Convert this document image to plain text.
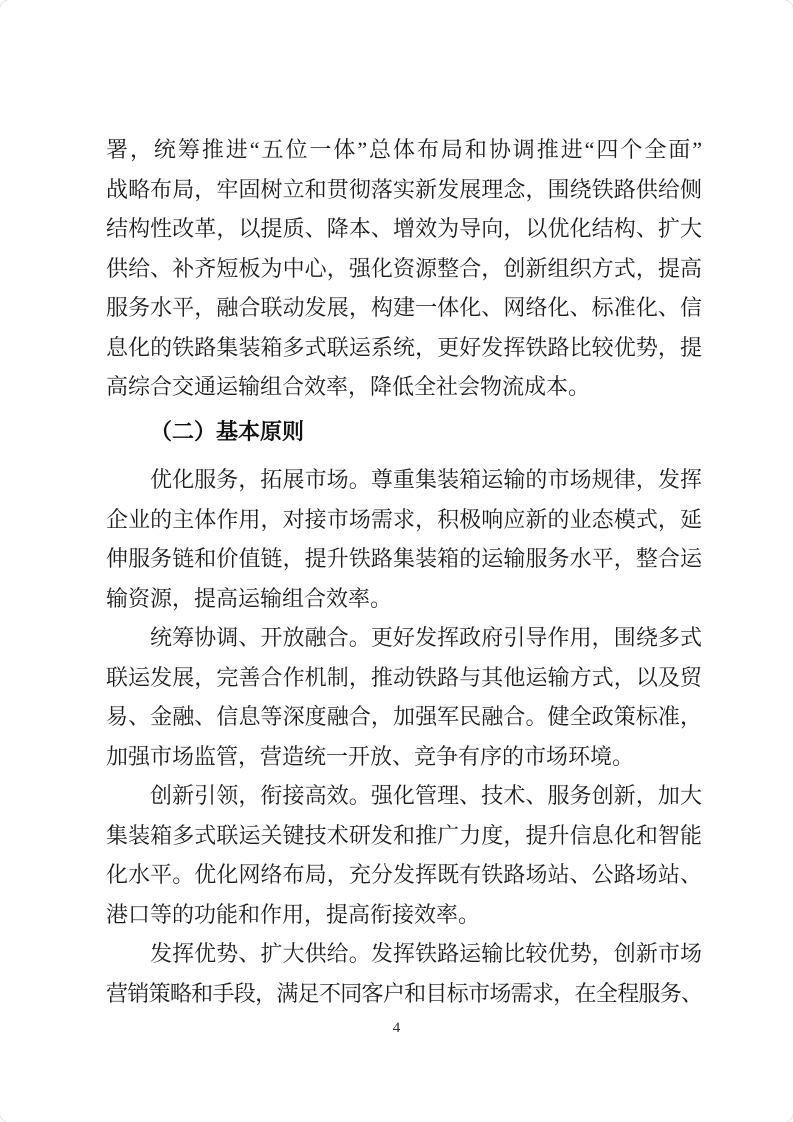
署，统筹推进“五位一体”总体布局和协调推进“四个全面”
战略布局，牢固树立和贯彻落实新发展理念，围绕铁路供给侧
结构性改革，以提质、降本、增效为导向，以优化结构、扩大
供给、补齐短板为中心，强化资源整合，创新组织方式，提高
服务水平，融合联动发展，构建一体化、网络化、标准化、信
息化的铁路集装箱多式联运系统，更好发挥铁路比较优势，提
高综合交通运输组合效率，降低全社会物流成本。
（二）基本原则
优化服务，拓展市场。尊重集装箱运输的市场规律，发挥
企业的主体作用，对接市场需求，积极响应新的业态模式，延
伸服务链和价值链，提升铁路集装箱的运输服务水平，整合运
输资源，提高运输组合效率。
统筹协调、开放融合。更好发挥政府引导作用，围绕多式
联运发展，完善合作机制，推动铁路与其他运输方式，以及贸
易、金融、信息等深度融合，加强军民融合。健全政策标准，
加强市场监管，营造统一开放、竞争有序的市场环境。
创新引领，衔接高效。强化管理、技术、服务创新，加大
集装箱多式联运关键技术研发和推广力度，提升信息化和智能
化水平。优化网络布局，充分发挥既有铁路场站、公路场站、
港口等的功能和作用，提高衔接效率。
发挥优势、扩大供给。发挥铁路运输比较优势，创新市场
营销策略和手段，满足不同客户和目标市场需求，在全程服务、
4
